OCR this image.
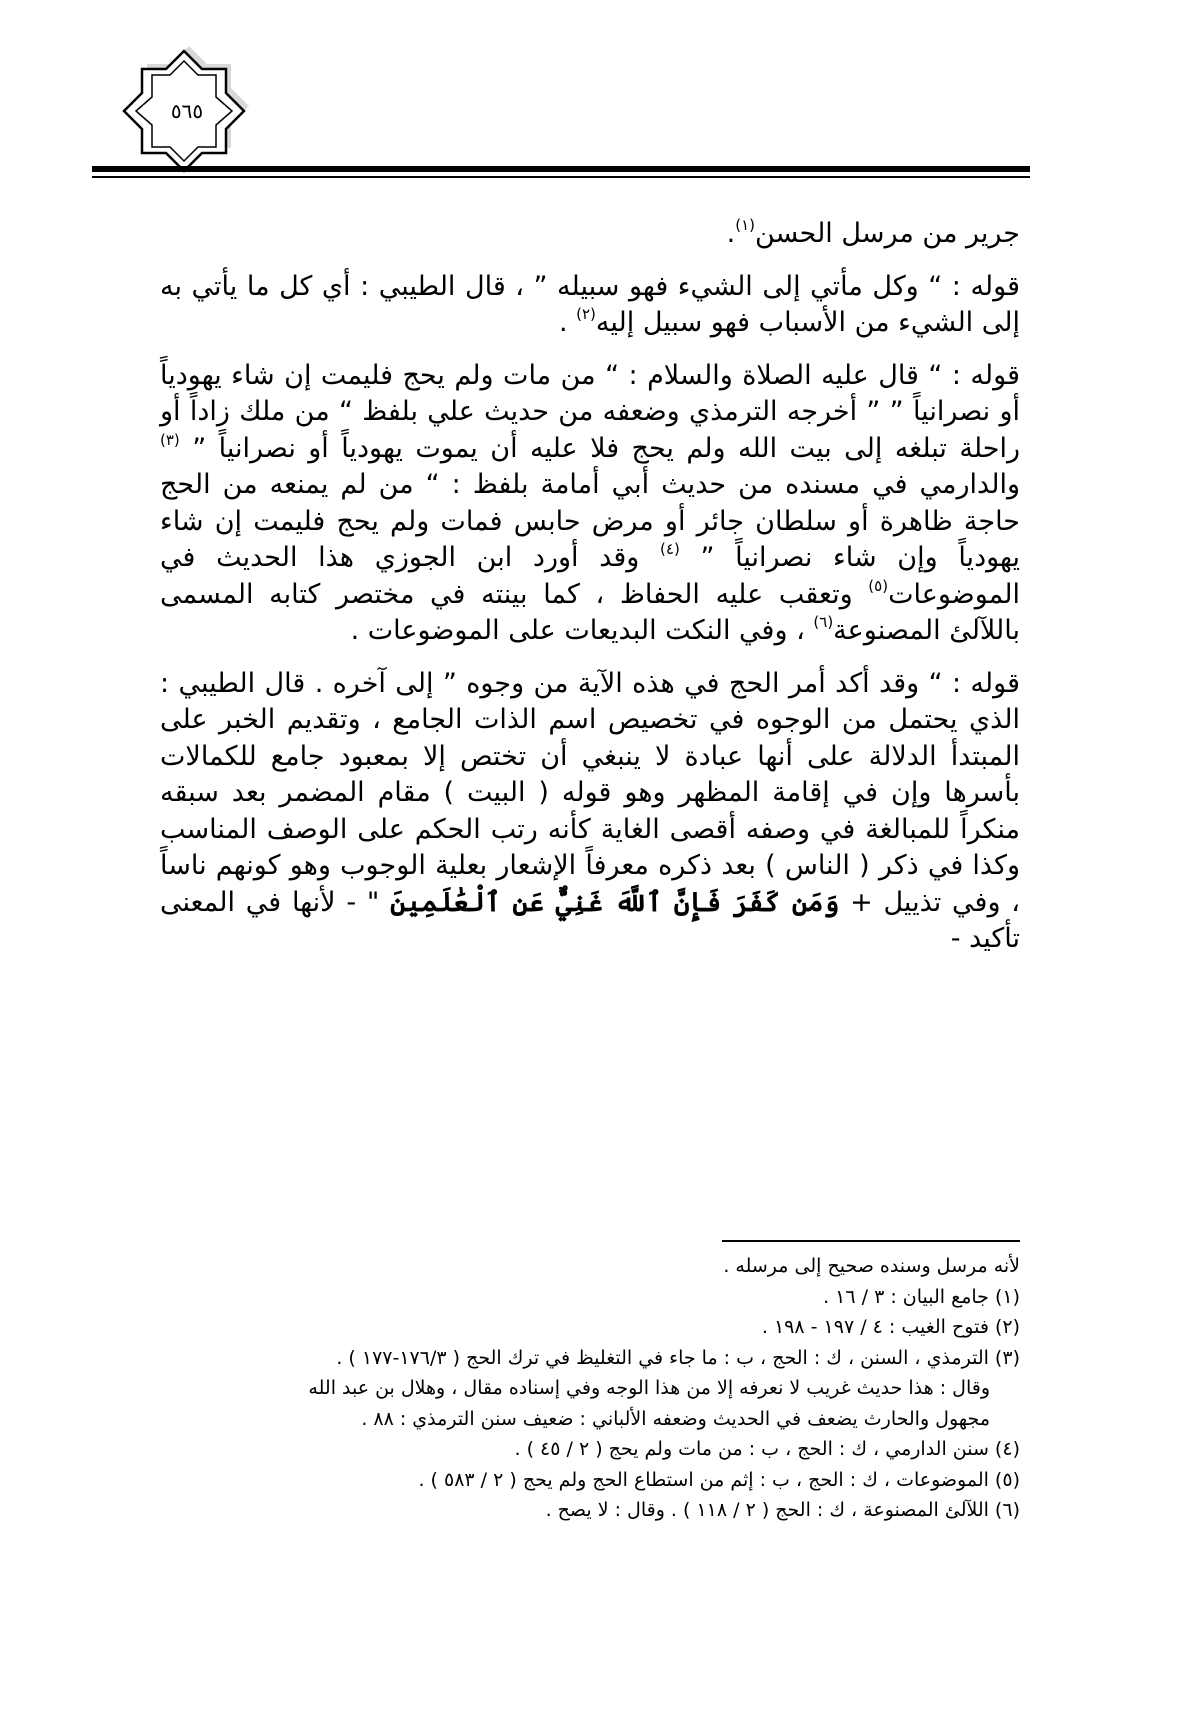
٥٦٥

جرير من مرسل الحسن$^{(١)}$.

قوله : “ وكل مأتي إلى الشيء فهو سبيله ” ، قال الطيبي : أي كل ما يأتي به إلى الشيء من الأسباب فهو سبيل إليه$^{(٢)}$ .

قوله : “ قال عليه الصلاة والسلام : “ من مات ولم يحج فليمت إن شاء يهودياً أو نصرانياً ” ” أخرجه الترمذي وضعفه من حديث علي بلفظ “ من ملك زاداً أو راحلة تبلغه إلى بيت الله ولم يحج فلا عليه أن يموت يهودياً أو نصرانياً ” $^{(٣)}$ والدارمي في مسنده من حديث أبي أمامة بلفظ : “ من لم يمنعه من الحج حاجة ظاهرة أو سلطان جائر أو مرض حابس فمات ولم يحج فليمت إن شاء يهودياً وإن شاء نصرانياً ” $^{(٤)}$ وقد أورد ابن الجوزي هذا الحديث في الموضوعات$^{(٥)}$ وتعقب عليه الحفاظ ، كما بينته في مختصر كتابه المسمى باللآلئ المصنوعة$^{(٦)}$ ، وفي النكت البديعات على الموضوعات .

قوله : “ وقد أكد أمر الحج في هذه الآية من وجوه ” إلى آخره . قال الطيبي : الذي يحتمل من الوجوه في تخصيص اسم الذات الجامع ، وتقديم الخبر على المبتدأ الدلالة على أنها عبادة لا ينبغي أن تختص إلا بمعبود جامع للكمالات بأسرها وإن في إقامة المظهر وهو قوله ( البيت ) مقام المضمر بعد سبقه منكراً للمبالغة في وصفه أقصى الغاية كأنه رتب الحكم على الوصف المناسب وكذا في ذكر ( الناس ) بعد ذكره معرفاً الإشعار بعلية الوجوب وهو كونهم ناساً ، وفي تذييل + وَمَن كَفَرَ فَإِنَّ ٱللَّهَ غَنِيٌّ عَنِ ٱلْعَٰلَمِينَ " - لأنها في المعنى تأكيد -

لأنه مرسل وسنده صحيح إلى مرسله .
(١) جامع البيان : ٣ / ١٦ .
(٢) فتوح الغيب : ٤ / ١٩٧ - ١٩٨ .
(٣) الترمذي ، السنن ، ك : الحج ، ب : ما جاء في التغليظ في ترك الحج ( ١٧٦/٣-١٧٧ ) .
وقال : هذا حديث غريب لا نعرفه إلا من هذا الوجه وفي إسناده مقال ، وهلال بن عبد الله
مجهول والحارث يضعف في الحديث وضعفه الألباني : ضعيف سنن الترمذي : ٨٨ .
(٤) سنن الدارمي ، ك : الحج ، ب : من مات ولم يحج ( ٢ / ٤٥ ) .
(٥) الموضوعات ، ك : الحج ، ب : إثم من استطاع الحج ولم يحج ( ٢ / ٥٨٣ ) .
(٦) اللآلئ المصنوعة ، ك : الحج ( ٢ / ١١٨ ) . وقال : لا يصح .
